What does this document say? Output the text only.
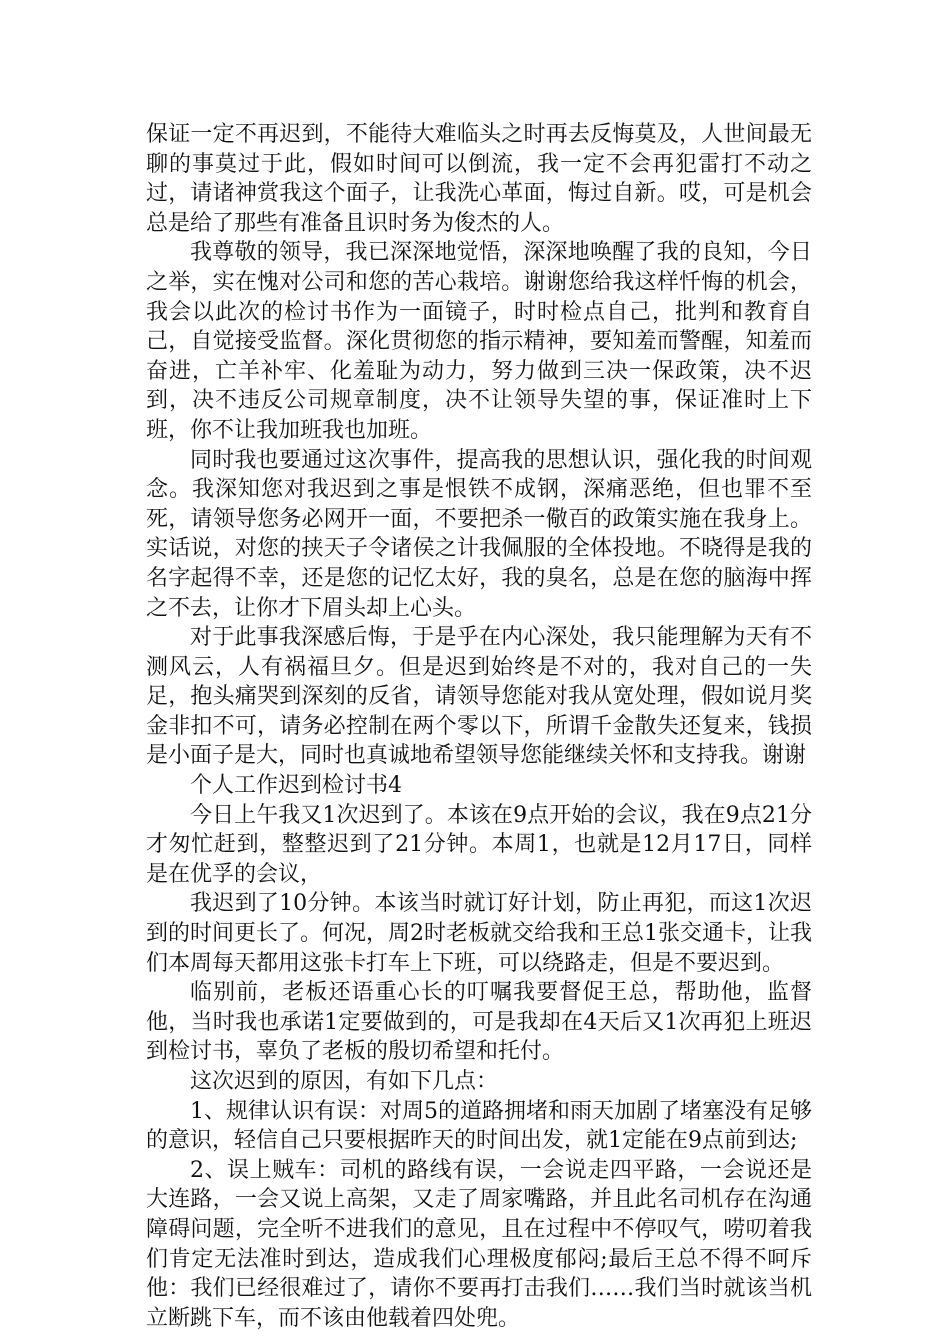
保证一定不再迟到，不能待大难临头之时再去反悔莫及，人世间最无聊的事莫过于此，假如时间可以倒流，我一定不会再犯雷打不动之过，请诸神赏我这个面子，让我洗心革面，悔过自新。哎，可是机会总是给了那些有准备且识时务为俊杰的人。

我尊敬的领导，我已深深地觉悟，深深地唤醒了我的良知，今日之举，实在愧对公司和您的苦心栽培。谢谢您给我这样忏悔的机会，我会以此次的检讨书作为一面镜子，时时检点自己，批判和教育自己，自觉接受监督。深化贯彻您的指示精神，要知羞而警醒，知羞而奋进，亡羊补牢、化羞耻为动力，努力做到三决一保政策，决不迟到，决不违反公司规章制度，决不让领导失望的事，保证准时上下班，你不让我加班我也加班。

同时我也要通过这次事件，提高我的思想认识，强化我的时间观念。我深知您对我迟到之事是恨铁不成钢，深痛恶绝，但也罪不至死，请领导您务必网开一面，不要把杀一儆百的政策实施在我身上。实话说，对您的挟天子令诸侯之计我佩服的全体投地。不晓得是我的名字起得不幸，还是您的记忆太好，我的臭名，总是在您的脑海中挥之不去，让你才下眉头却上心头。

对于此事我深感后悔，于是乎在内心深处，我只能理解为天有不测风云，人有祸福旦夕。但是迟到始终是不对的，我对自己的一失足，抱头痛哭到深刻的反省，请领导您能对我从宽处理，假如说月奖金非扣不可，请务必控制在两个零以下，所谓千金散失还复来，钱损是小面子是大，同时也真诚地希望领导您能继续关怀和支持我。谢谢

个人工作迟到检讨书4

今日上午我又1次迟到了。本该在9点开始的会议，我在9点21分才匆忙赶到，整整迟到了21分钟。本周1，也就是12月17日，同样是在优孚的会议，

我迟到了10分钟。本该当时就订好计划，防止再犯，而这1次迟到的时间更长了。何况，周2时老板就交给我和王总1张交通卡，让我们本周每天都用这张卡打车上下班，可以绕路走，但是不要迟到。

临别前，老板还语重心长的叮嘱我要督促王总，帮助他，监督他，当时我也承诺1定要做到的，可是我却在4天后又1次再犯上班迟到检讨书，辜负了老板的殷切希望和托付。

这次迟到的原因，有如下几点：

1、规律认识有误：对周5的道路拥堵和雨天加剧了堵塞没有足够的意识，轻信自己只要根据昨天的时间出发，就1定能在9点前到达;

2、误上贼车：司机的路线有误，一会说走四平路，一会说还是大连路，一会又说上高架，又走了周家嘴路，并且此名司机存在沟通障碍问题，完全听不进我们的意见，且在过程中不停叹气，唠叨着我们肯定无法准时到达，造成我们心理极度郁闷;最后王总不得不呵斥他：我们已经很难过了，请你不要再打击我们……我们当时就该当机立断跳下车，而不该由他载着四处兜。
